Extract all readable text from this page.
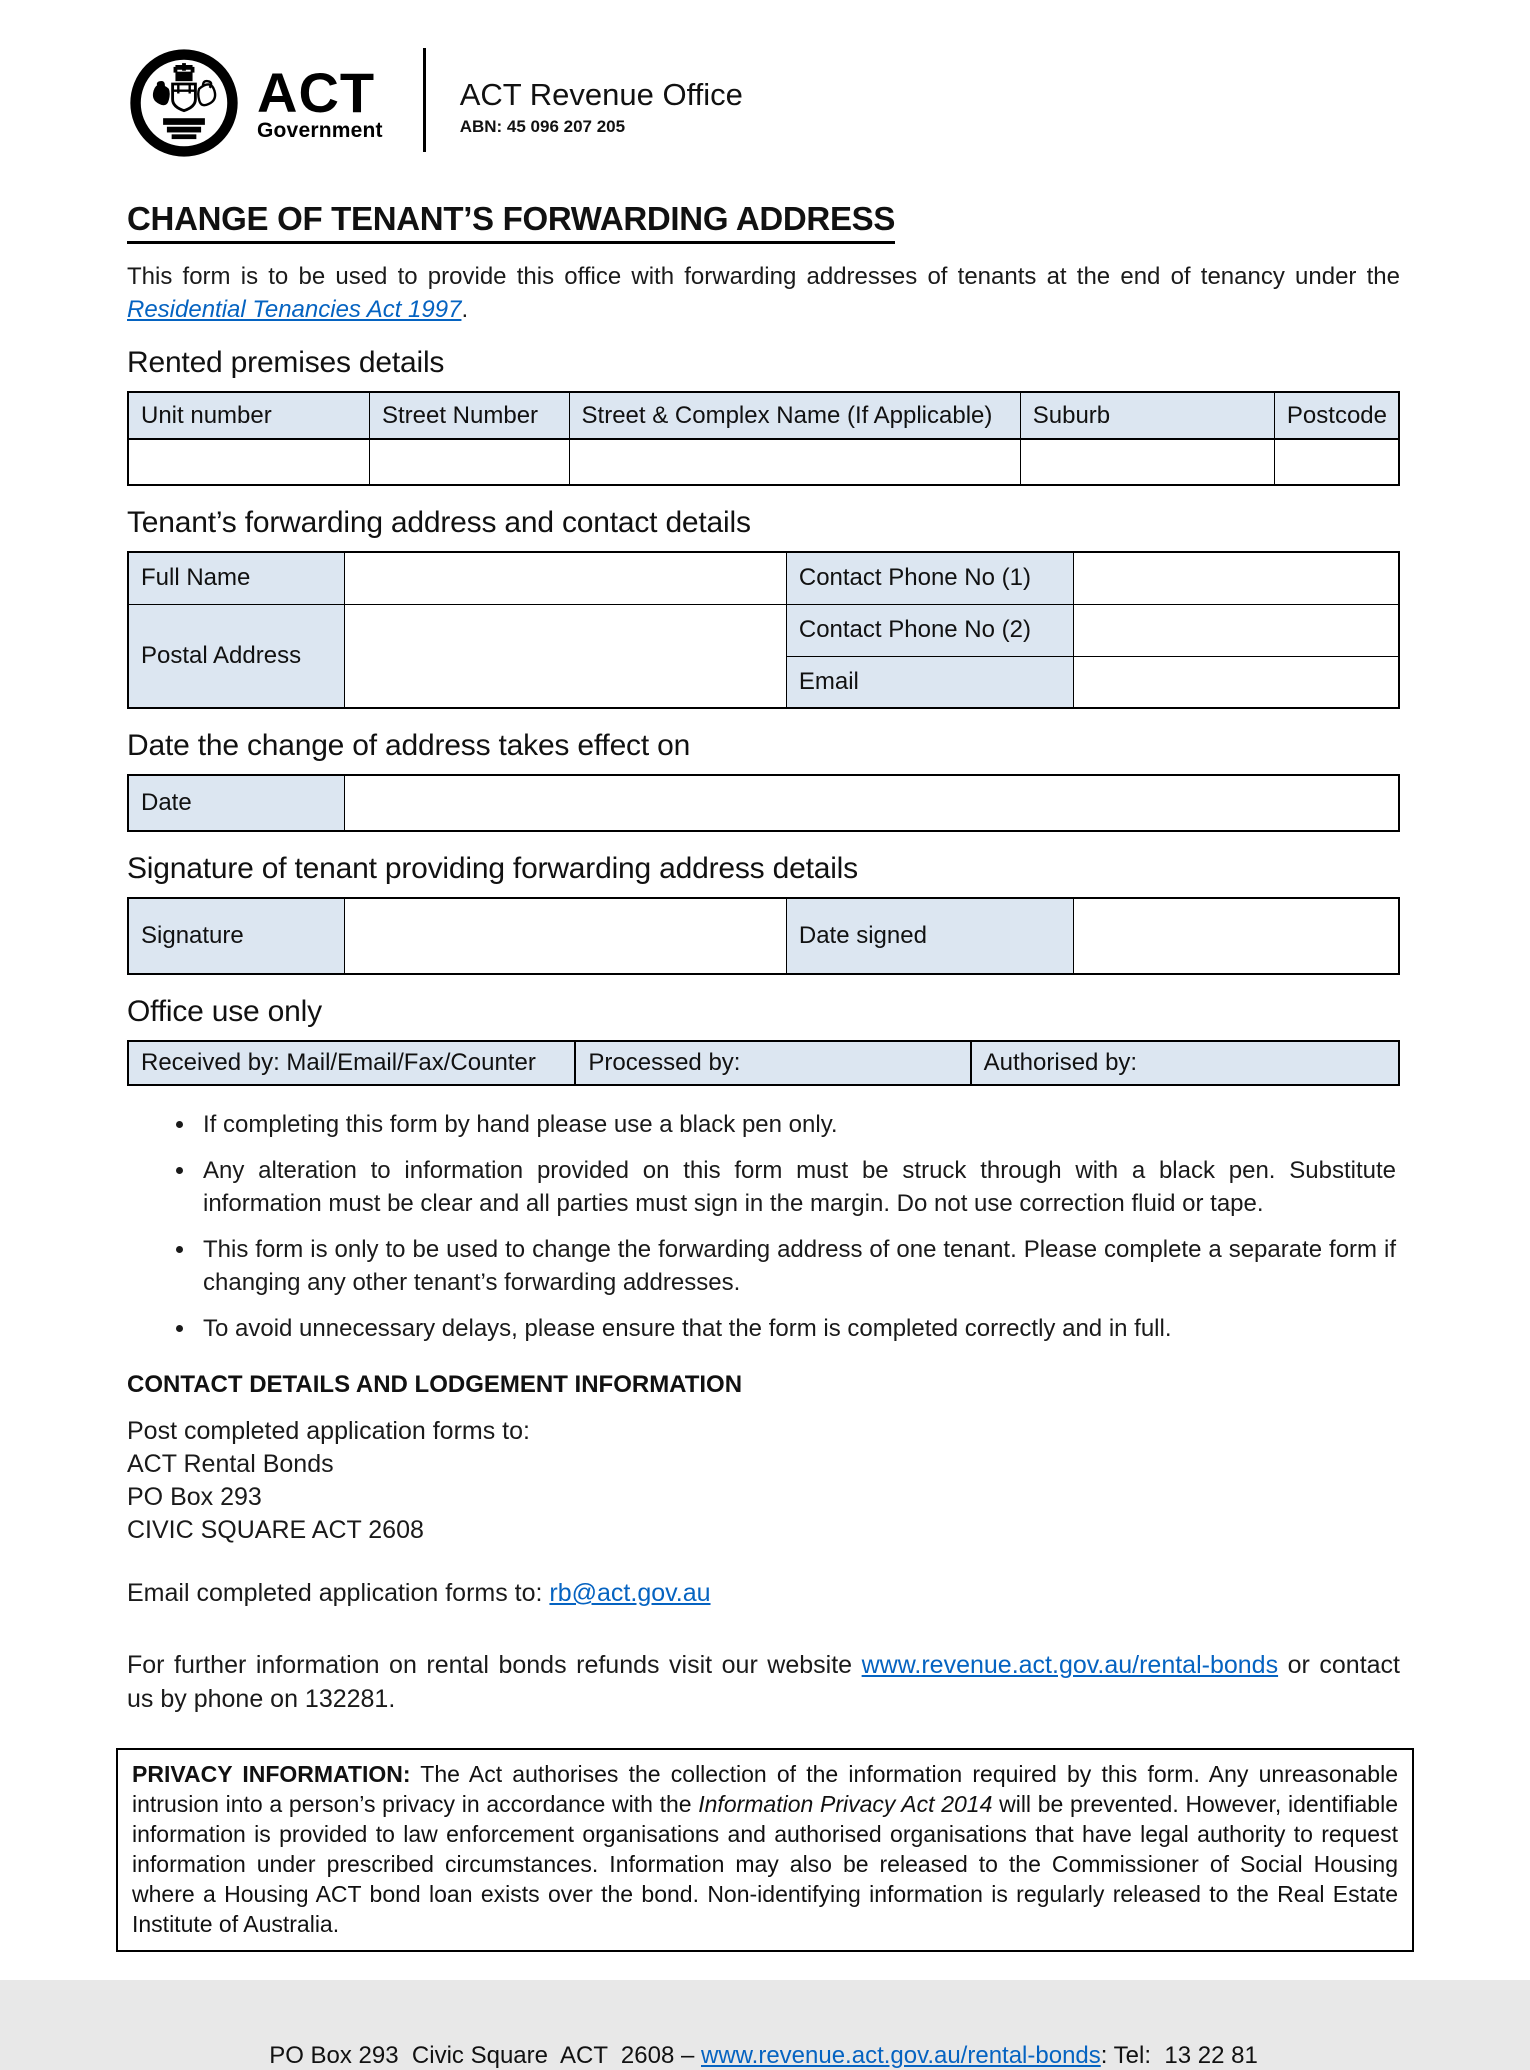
ACT
Government
ACT Revenue Office
ABN: 45 096 207 205
CHANGE OF TENANT’S FORWARDING ADDRESS

This form is to be used to provide this office with forwarding addresses of tenants at the end of tenancy under the Residential Tenancies Act 1997.

Rented premises details
Unit number	Street Number	Street & Complex Name (If Applicable)	Suburb	Postcode

Tenant’s forwarding address and contact details
Full Name		Contact Phone No (1)	
Postal Address		Contact Phone No (2)	
		Email	
Date the change of address takes effect on
Date	
Signature of tenant providing forwarding address details
Signature		Date signed	
Office use only
Received by: Mail/Email/Fax/Counter	Processed by:	Authorised by:
• If completing this form by hand please use a black pen only.
• Any alteration to information provided on this form must be struck through with a black pen. Substitute information must be clear and all parties must sign in the margin. Do not use correction fluid or tape.
• This form is only to be used to change the forwarding address of one tenant. Please complete a separate form if changing any other tenant’s forwarding addresses.
• To avoid unnecessary delays, please ensure that the form is completed correctly and in full.
CONTACT DETAILS AND LODGEMENT INFORMATION
Post completed application forms to:
ACT Rental Bonds
PO Box 293
CIVIC SQUARE ACT 2608

Email completed application forms to: rb@act.gov.au

For further information on rental bonds refunds visit our website www.revenue.act.gov.au/rental-bonds or contact us by phone on 132281.

PRIVACY INFORMATION: The Act authorises the collection of the information required by this form. Any unreasonable intrusion into a person’s privacy in accordance with the Information Privacy Act 2014 will be prevented. However, identifiable information is provided to law enforcement organisations and authorised organisations that have legal authority to request information under prescribed circumstances. Information may also be released to the Commissioner of Social Housing where a Housing ACT bond loan exists over the bond. Non-identifying information is regularly released to the Real Estate Institute of Australia.
PO Box 293  Civic Square  ACT  2608 – www.revenue.act.gov.au/rental-bonds: Tel:  13 22 81
